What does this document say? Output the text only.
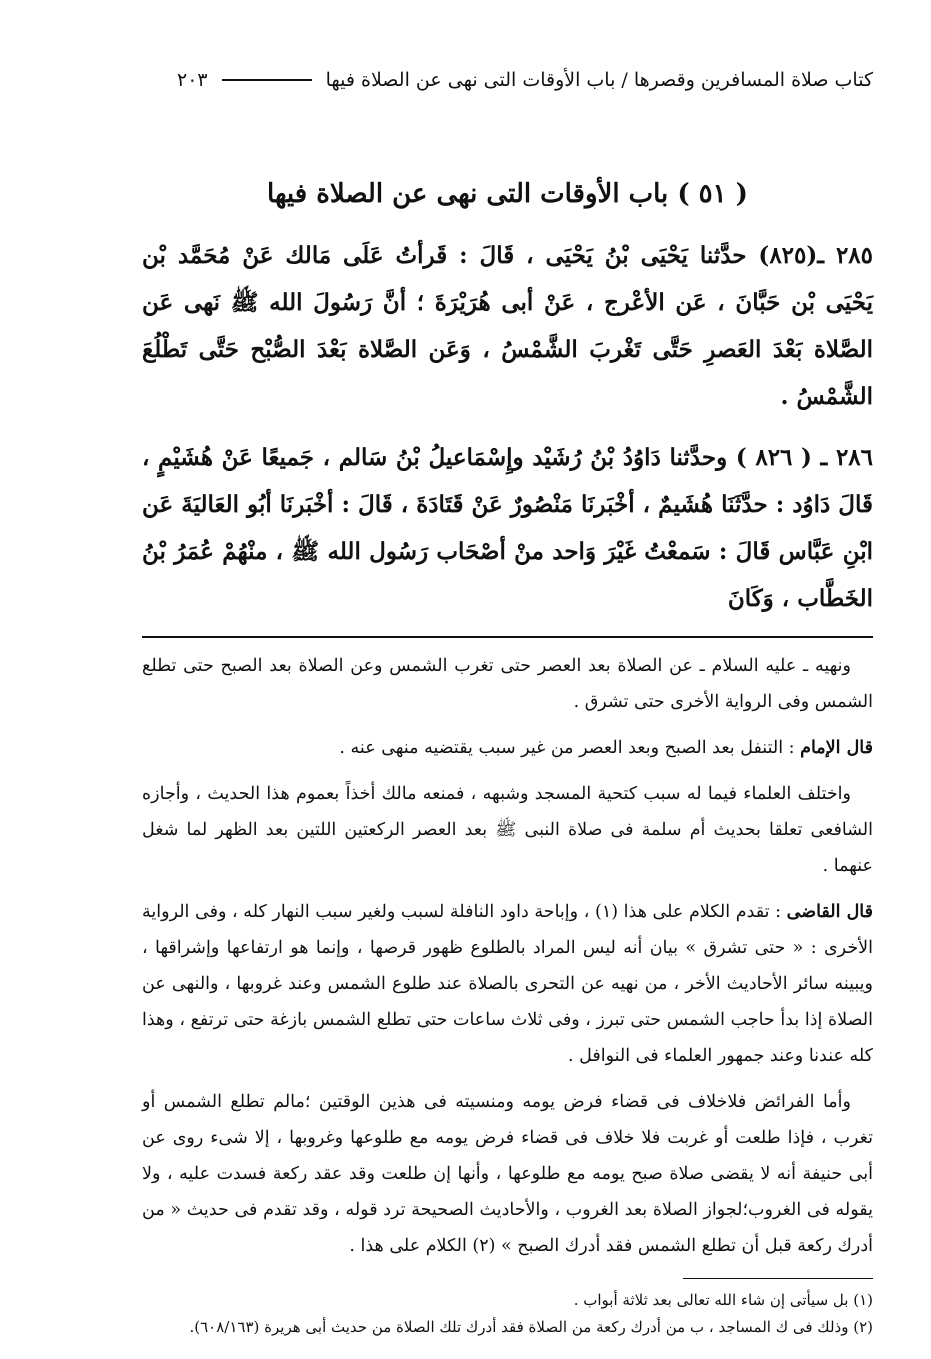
كتاب صلاة المسافرين وقصرها / باب الأوقات التى نهى عن الصلاة فيها
٢٠٣
( ٥١ ) باب الأوقات التى نهى عن الصلاة فيها

٢٨٥ ـ(٨٢٥) حدَّثنا يَحْيَى بْنُ يَحْيَى ، قَالَ : قَرأتُ عَلَى مَالك عَنْ مُحَمَّد بْن يَحْيَى بْن حَبَّانَ ، عَن الأعْرج ، عَنْ أبى هُرَيْرَةَ ؛ أنَّ رَسُولَ الله ﷺ نَهى عَن الصَّلاة بَعْدَ العَصرِ حَتَّى تَغْربَ الشَّمْسُ ، وَعَن الصَّلاة بَعْدَ الصُّبْح حَتَّى تَطْلُعَ الشَّمْسُ .

٢٨٦ ـ ( ٨٢٦ ) وحدَّثنا دَاوُدُ بْنُ رُشَيْد وإِسْمَاعيلُ بْنُ سَالم ، جَميعًا عَنْ هُشَيْمٍ ، قَالَ دَاوُد : حدَّثَنَا هُشَيمٌ ، أخْبَرنَا مَنْصُورٌ عَنْ قَتَادَةَ ، قَالَ : أخْبَرنَا أبُو العَاليَةَ عَن ابْنِ عَبَّاس قَالَ : سَمعْتُ غَيْرَ وَاحد منْ أصْحَاب رَسُول الله ﷺ ، منْهُمْ عُمَرُ بْنُ الخَطَّاب ، وَكَانَ

ونهيه ـ عليه السلام ـ عن الصلاة بعد العصر حتى تغرب الشمس وعن الصلاة بعد الصبح حتى تطلع الشمس وفى الرواية الأخرى حتى تشرق .

قال الإمام : التنفل بعد الصبح وبعد العصر من غير سبب يقتضيه منهى عنه .

واختلف العلماء فيما له سبب كتحية المسجد وشبهه ، فمنعه مالك أخذاً بعموم هذا الحديث ، وأجازه الشافعى تعلقا بحديث أم سلمة فى صلاة النبى ﷺ بعد العصر الركعتين اللتين بعد الظهر لما شغل عنهما .

قال القاضى : تقدم الكلام على هذا (١) ، وإباحة داود النافلة لسبب ولغير سبب النهار كله ، وفى الرواية الأخرى : « حتى تشرق » بيان أنه ليس المراد بالطلوع ظهور قرصها ، وإنما هو ارتفاعها وإشراقها ، ويبينه سائر الأحاديث الأخر ، من نهيه عن التحرى بالصلاة عند طلوع الشمس وعند غروبها ، والنهى عن الصلاة إذا بدأ حاجب الشمس حتى تبرز ، وفى ثلاث ساعات حتى تطلع الشمس بازغة حتى ترتفع ، وهذا كله عندنا وعند جمهور العلماء فى النوافل .

وأما الفرائض فلاخلاف فى قضاء فرض يومه ومنسيته فى هذين الوقتين ؛مالم تطلع الشمس أو تغرب ، فإذا طلعت أو غربت فلا خلاف فى قضاء فرض يومه مع طلوعها وغروبها ، إلا شىء روى عن أبى حنيفة أنه لا يقضى صلاة صبح يومه مع طلوعها ، وأنها إن طلعت وقد عقد ركعة فسدت عليه ، ولا يقوله فى الغروب؛لجواز الصلاة بعد الغروب ، والأحاديث الصحيحة ترد قوله ، وقد تقدم فى حديث « من أدرك ركعة قبل أن تطلع الشمس فقد أدرك الصبح » (٢) الكلام على هذا .

(١) بل سيأتى إن شاء الله تعالى بعد ثلاثة أبواب .

(٢) وذلك فى ك المساجد ، ب من أدرك ركعة من الصلاة فقد أدرك تلك الصلاة من حديث أبى هريرة (٦٠٨/١٦٣).
